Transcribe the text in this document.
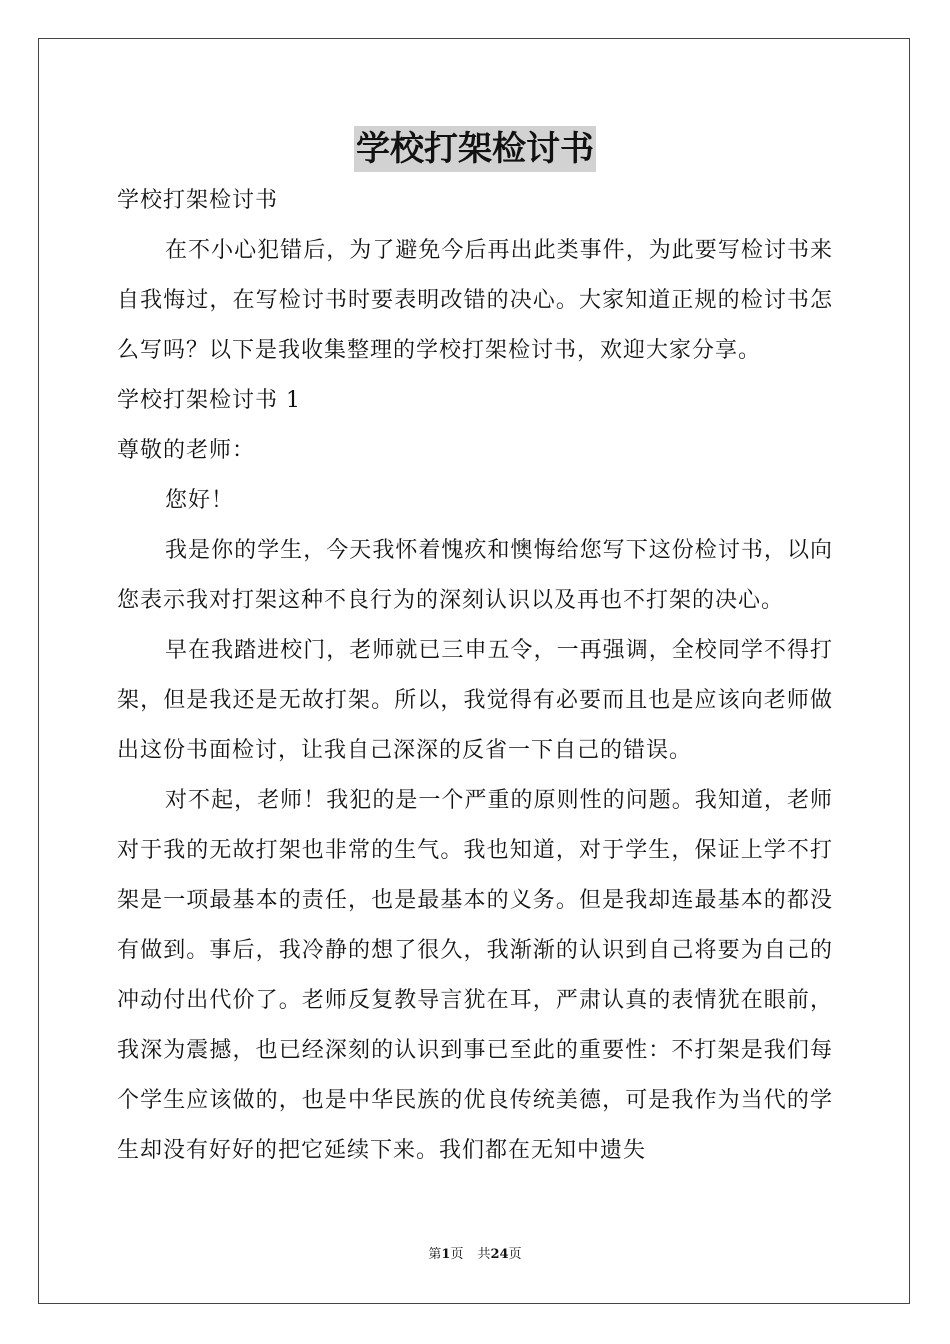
学校打架检讨书

学校打架检讨书

在不小心犯错后，为了避免今后再出此类事件，为此要写检讨书来自我悔过，在写检讨书时要表明改错的决心。大家知道正规的检讨书怎么写吗？以下是我收集整理的学校打架检讨书，欢迎大家分享。

学校打架检讨书 1

尊敬的老师：

您好！

我是你的学生，今天我怀着愧疚和懊悔给您写下这份检讨书，以向您表示我对打架这种不良行为的深刻认识以及再也不打架的决心。

早在我踏进校门，老师就已三申五令，一再强调，全校同学不得打架，但是我还是无故打架。所以，我觉得有必要而且也是应该向老师做出这份书面检讨，让我自己深深的反省一下自己的错误。

对不起，老师！我犯的是一个严重的原则性的问题。我知道，老师对于我的无故打架也非常的生气。我也知道，对于学生，保证上学不打架是一项最基本的责任，也是最基本的义务。但是我却连最基本的都没有做到。事后，我冷静的想了很久，我渐渐的认识到自己将要为自己的冲动付出代价了。老师反复教导言犹在耳，严肃认真的表情犹在眼前，我深为震撼，也已经深刻的认识到事已至此的重要性：不打架是我们每个学生应该做的，也是中华民族的优良传统美德，可是我作为当代的学生却没有好好的把它延续下来。我们都在无知中遗失

第1页 共24页
